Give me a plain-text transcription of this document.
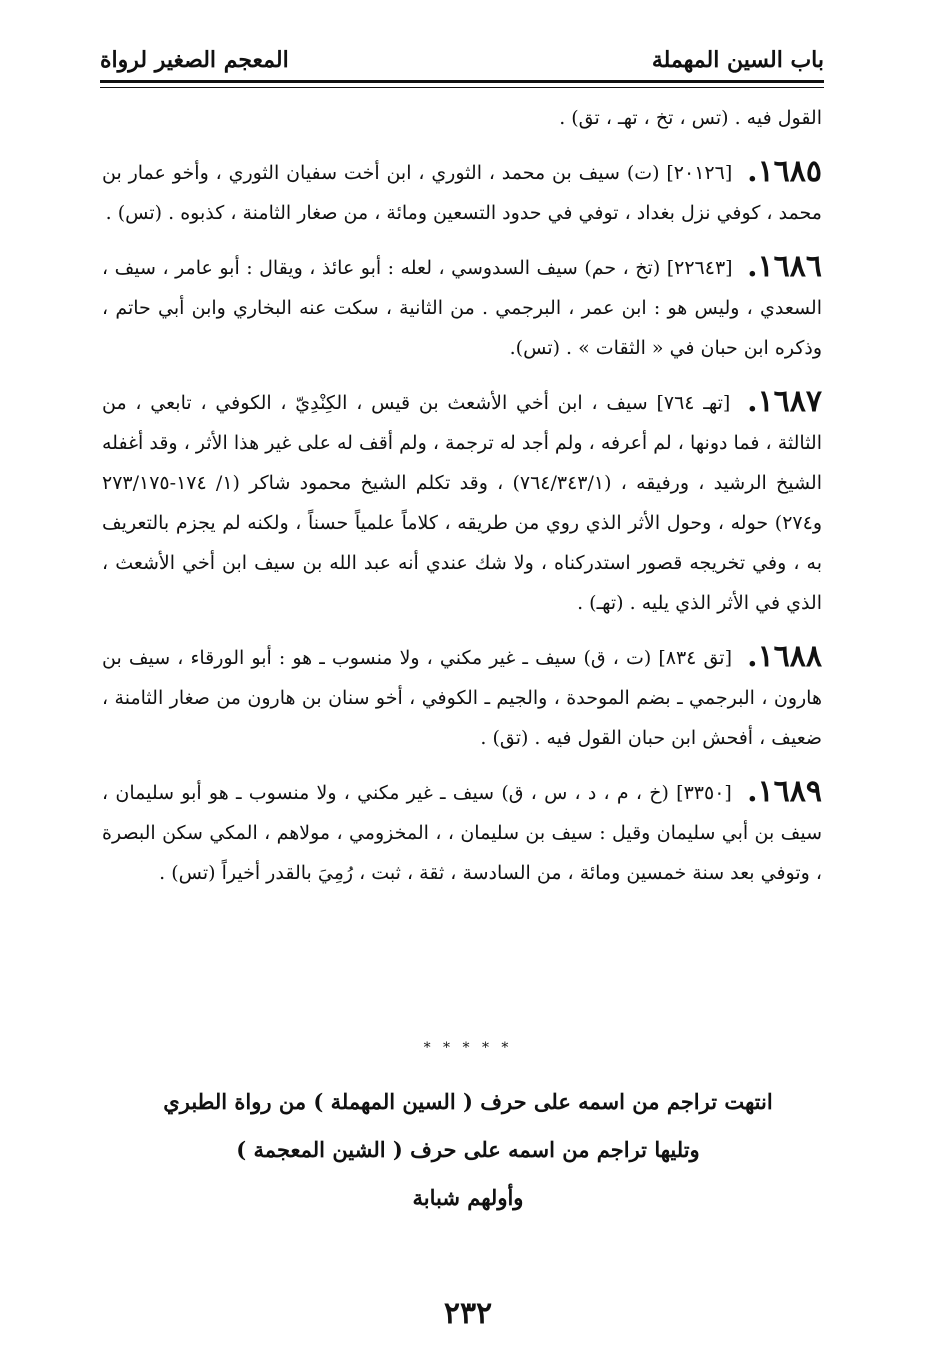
باب السين المهملة
المعجم الصغير لرواة

القول فيه . (تس ، تخ ، تهـ ، تق) .

١٦٨٥. [٢٠١٢٦] (ت) سيف بن محمد ، الثوري ، ابن أخت سفيان الثوري ، وأخو عمار بن محمد ، كوفي نزل بغداد ، توفي في حدود التسعين ومائة ، من صغار الثامنة ، كذبوه . (تس) .

١٦٨٦. [٢٢٦٤٣] (تخ ، حم) سيف السدوسي ، لعله : أبو عائذ ، ويقال : أبو عامر ، سيف ، السعدي ، وليس هو : ابن عمر ، البرجمي . من الثانية ، سكت عنه البخاري وابن أبي حاتم ، وذكره ابن حبان في « الثقات » . (تس).

١٦٨٧. [تهـ ٧٦٤] سيف ، ابن أخي الأشعث بن قيس ، الكِنْدِيّ ، الكوفي ، تابعي ، من الثالثة ، فما دونها ، لم أعرفه ، ولم أجد له ترجمة ، ولم أقف له على غير هذا الأثر ، وقد أغفله الشيخ الرشيد ، ورفيقه ، (٧٦٤/٣٤٣/١) ، وقد تكلم الشيخ محمود شاكر (١/ ١٧٤-٢٧٣/١٧٥ و٢٧٤) حوله ، وحول الأثر الذي روي من طريقه ، كلاماً علمياً حسناً ، ولكنه لم يجزم بالتعريف به ، وفي تخريجه قصور استدركناه ، ولا شك عندي أنه عبد الله بن سيف ابن أخي الأشعث ، الذي في الأثر الذي يليه . (تهـ) .

١٦٨٨. [تق ٨٣٤] (ت ، ق) سيف ـ غير مكني ، ولا منسوب ـ هو : أبو الورقاء ، سيف بن هارون ، البرجمي ـ بضم الموحدة ، والجيم ـ الكوفي ، أخو سنان بن هارون من صغار الثامنة ، ضعيف ، أفحش ابن حبان القول فيه . (تق) .

١٦٨٩. [٣٣٥٠] (خ ، م ، د ، س ، ق) سيف ـ غير مكني ، ولا منسوب ـ هو أبو سليمان ، سيف بن أبي سليمان وقيل : سيف بن سليمان ، ، المخزومي ، مولاهم ، المكي سكن البصرة ، وتوفي بعد سنة خمسين ومائة ، من السادسة ، ثقة ، ثبت ، رُمِيَ بالقدر أخيراً (تس) .

* * * * *
انتهت تراجم من اسمه على حرف ( السين المهملة ) من رواة الطبري
وتليها تراجم من اسمه على حرف ( الشين المعجمة )
وأولهم شبابة
٢٣٢
